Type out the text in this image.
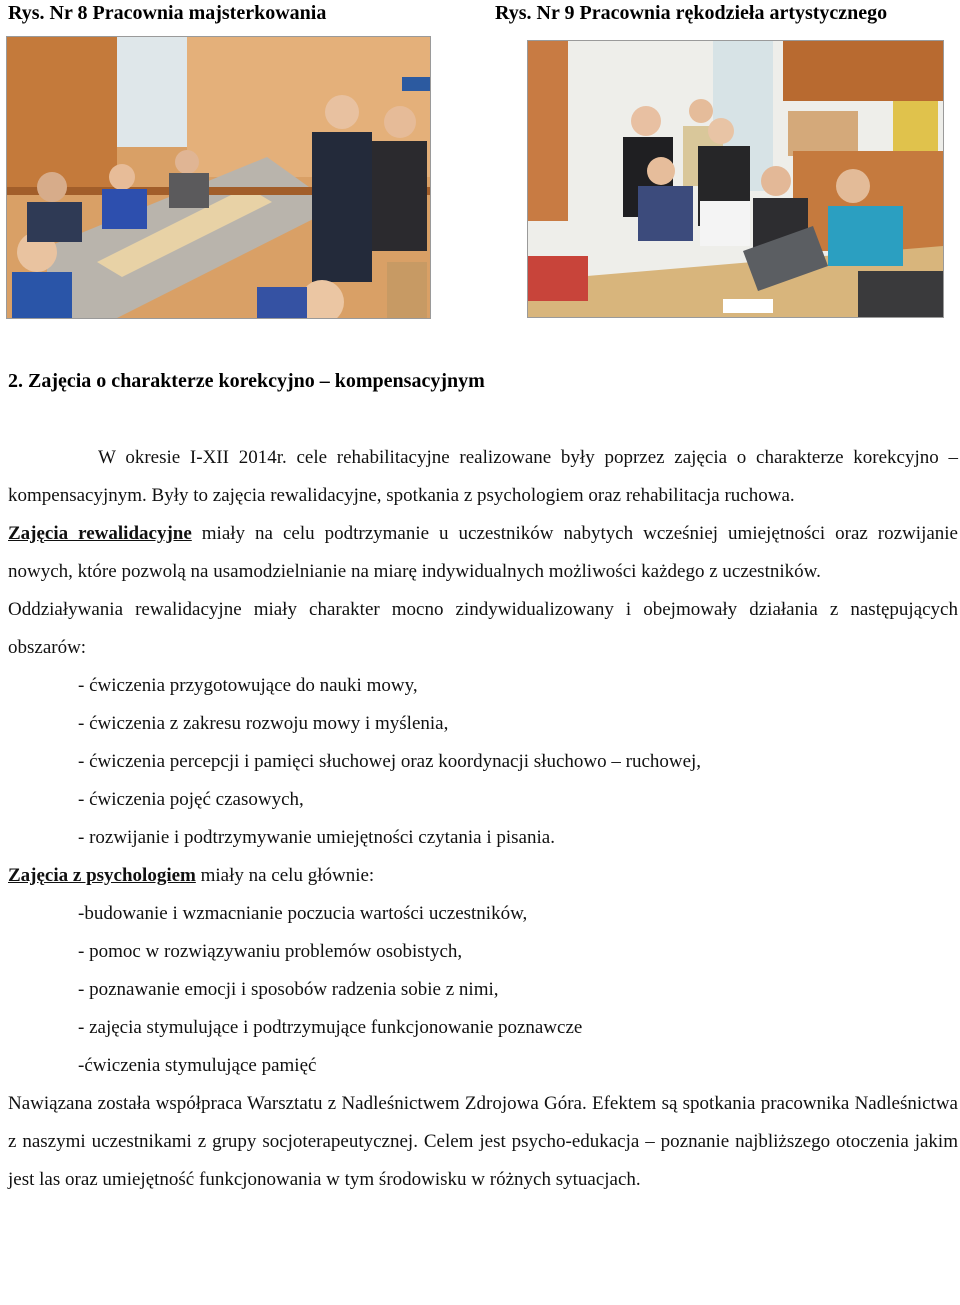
Rys. Nr 8 Pracownia majsterkowania	Rys. Nr 9 Pracownia rękodzieła artystycznego
2. Zajęcia o charakterze korekcyjno – kompensacyjnym

W okresie I-XII 2014r. cele rehabilitacyjne realizowane były poprzez zajęcia o charakterze korekcyjno – kompensacyjnym. Były to zajęcia rewalidacyjne, spotkania z psychologiem oraz rehabilitacja ruchowa.

Zajęcia rewalidacyjne miały na celu podtrzymanie u uczestników nabytych wcześniej umiejętności oraz rozwijanie nowych, które pozwolą na usamodzielnianie na miarę indywidualnych możliwości każdego z uczestników.

Oddziaływania rewalidacyjne miały charakter mocno zindywidualizowany i obejmowały działania z następujących obszarów:

- ćwiczenia przygotowujące do nauki mowy,
- ćwiczenia z zakresu rozwoju mowy i myślenia,
- ćwiczenia percepcji i pamięci słuchowej oraz koordynacji słuchowo – ruchowej,
- ćwiczenia pojęć czasowych,
- rozwijanie i podtrzymywanie umiejętności czytania i pisania.

Zajęcia z psychologiem miały na celu głównie:

-budowanie i wzmacnianie poczucia wartości uczestników,
- pomoc w rozwiązywaniu problemów osobistych,
- poznawanie emocji i sposobów radzenia sobie z nimi,
- zajęcia stymulujące i podtrzymujące funkcjonowanie poznawcze
-ćwiczenia stymulujące pamięć

Nawiązana została współpraca Warsztatu z Nadleśnictwem Zdrojowa Góra. Efektem są spotkania pracownika Nadleśnictwa z naszymi uczestnikami z grupy socjoterapeutycznej. Celem jest psycho-edukacja – poznanie najbliższego otoczenia jakim jest las oraz umiejętność funkcjonowania w tym środowisku w różnych sytuacjach.
